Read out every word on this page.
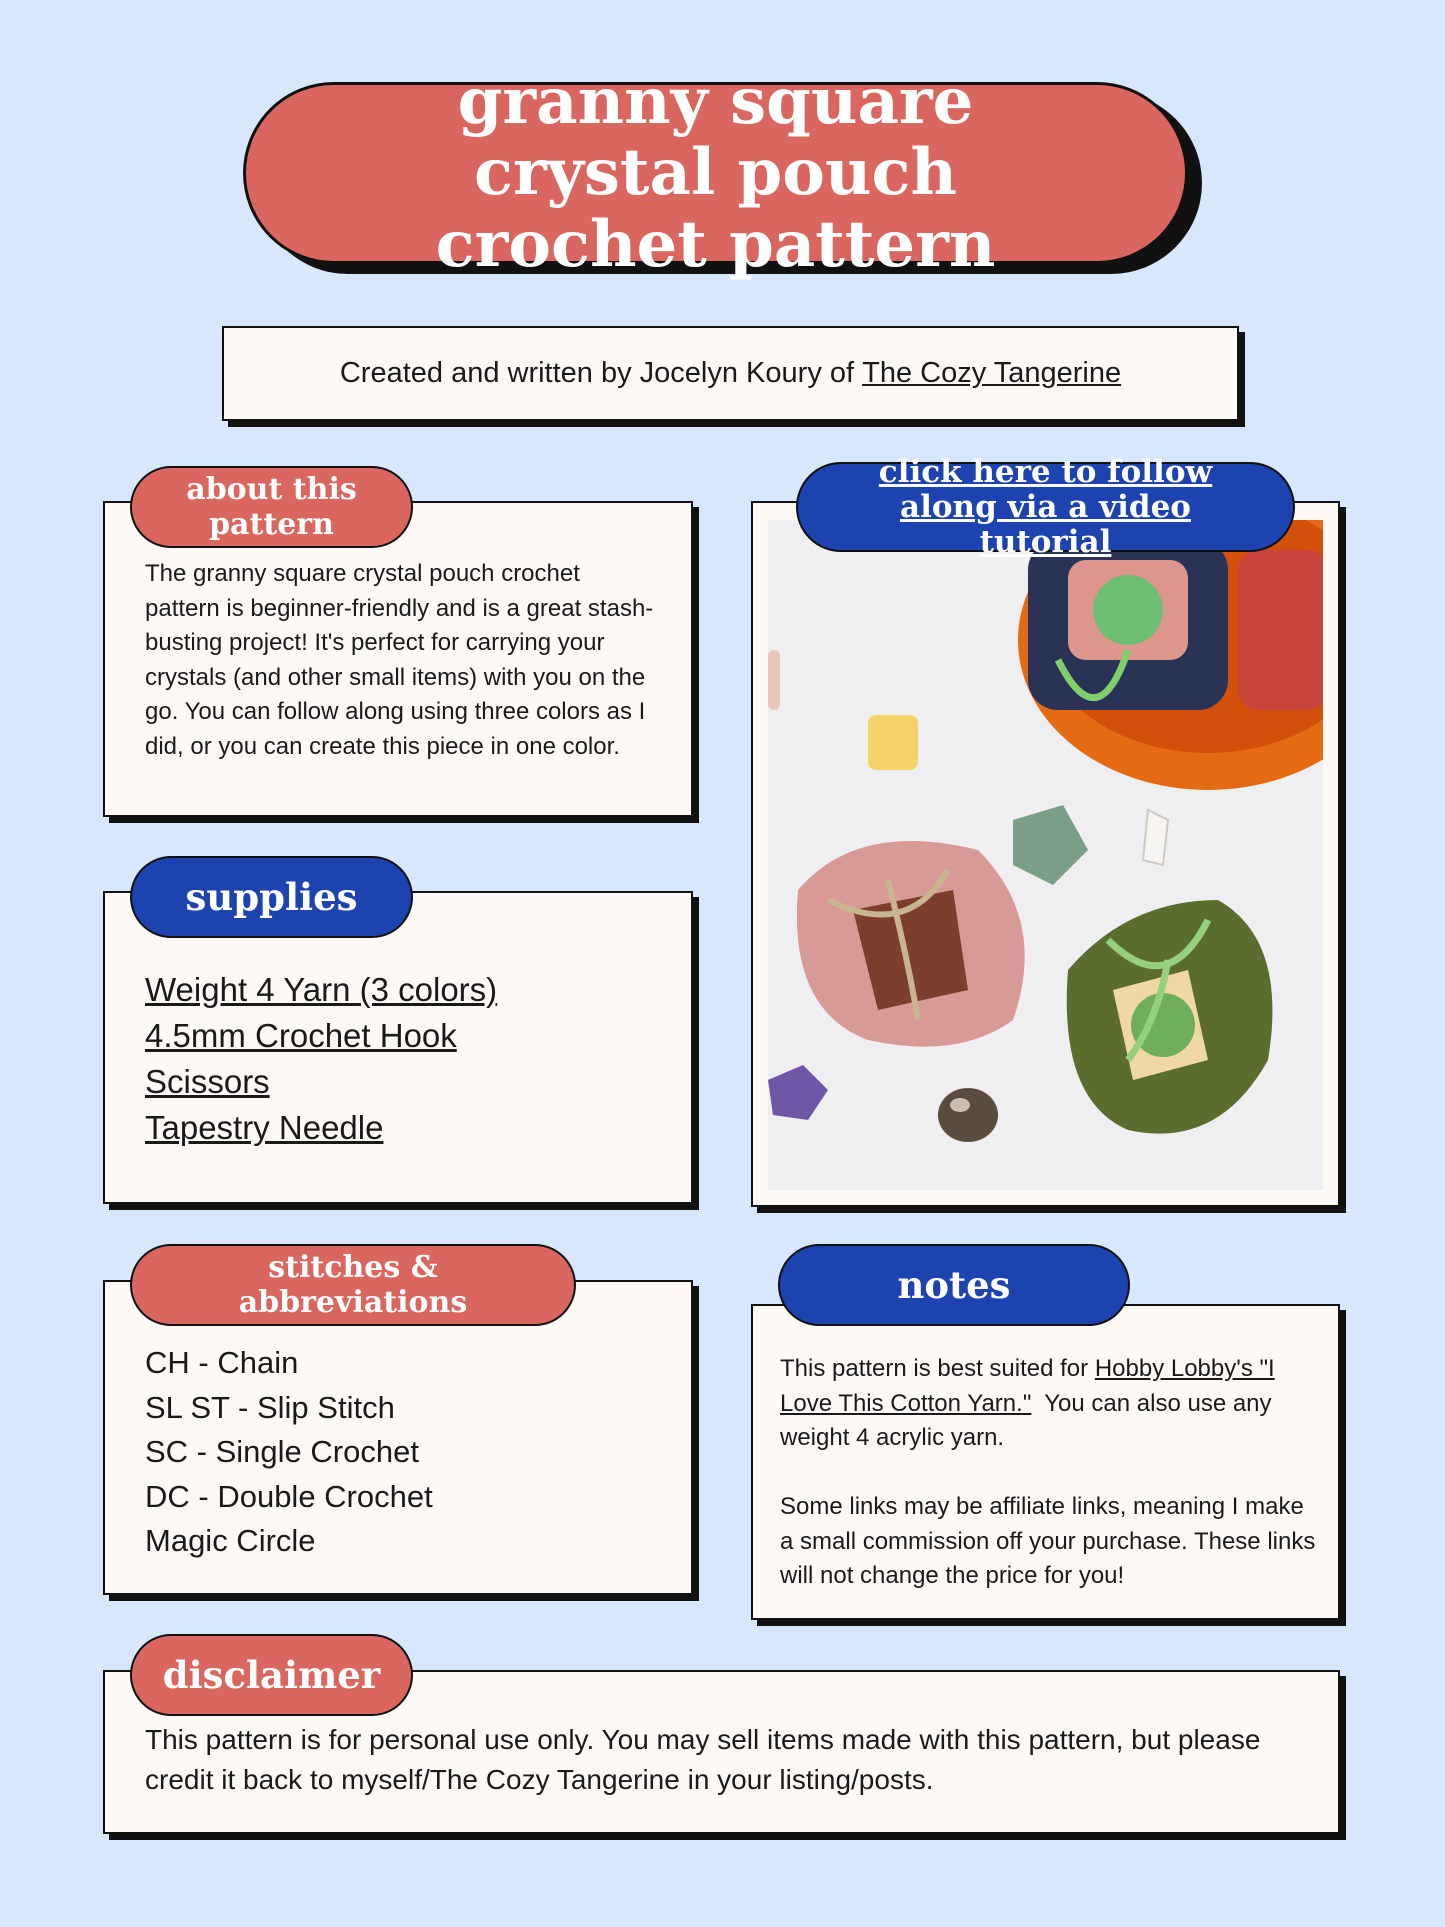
granny square crystal pouch crochet pattern
Created and written by Jocelyn Koury of The Cozy Tangerine
The granny square crystal pouch crochet pattern is beginner-friendly and is a great stash-busting project! It's perfect for carrying your crystals (and other small items) with you on the go. You can follow along using three colors as I did, or you can create this piece in one color.
about this pattern
Weight 4 Yarn (3 colors)
4.5mm Crochet Hook
Scissors
Tapestry Needle
supplies
click here to follow along via a video tutorial
CH - Chain
SL ST - Slip Stitch
SC - Single Crochet
DC - Double Crochet
Magic Circle
stitches & abbreviations
This pattern is best suited for Hobby Lobby's "I Love This Cotton Yarn."  You can also use any weight 4 acrylic yarn.
Some links may be affiliate links, meaning I make a small commission off your purchase. These links will not change the price for you!
notes
This pattern is for personal use only. You may sell items made with this pattern, but please credit it back to myself/The Cozy Tangerine in your listing/posts.
disclaimer
